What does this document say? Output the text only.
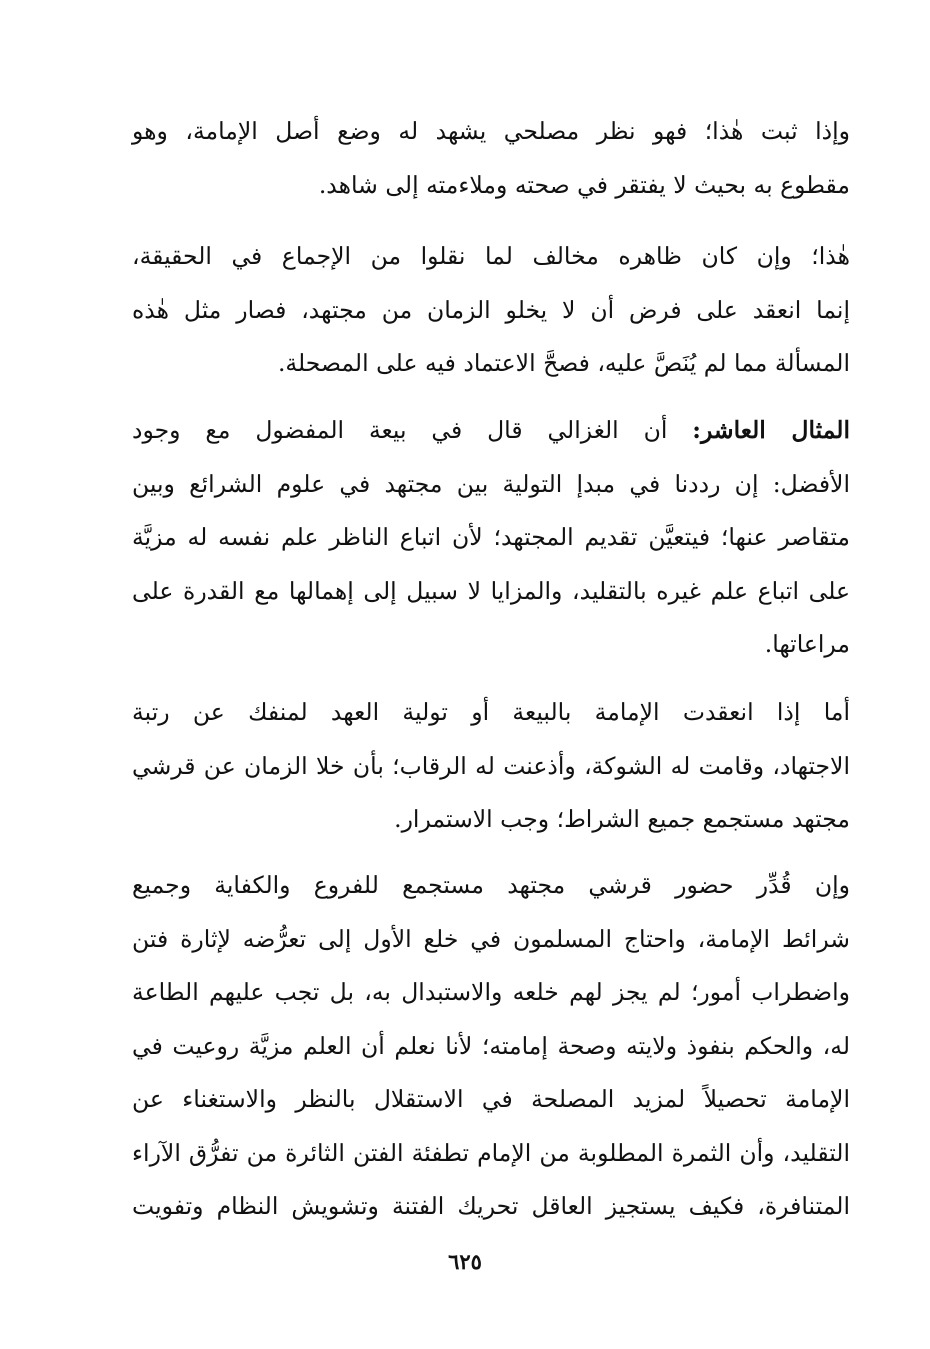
وإذا ثبت هٰذا؛ فهو نظر مصلحي يشهد له وضع أصل الإمامة، وهو
مقطوع به بحيث لا يفتقر في صحته وملاءمته إلى شاهد.
هٰذا؛ وإن كان ظاهره مخالف لما نقلوا من الإجماع في الحقيقة،
إنما انعقد على فرض أن لا يخلو الزمان من مجتهد، فصار مثل هٰذه
المسألة مما لم يُنَصَّ عليه، فصحَّ الاعتماد فيه على المصحلة.
المثال العاشر: أن الغزالي قال في بيعة المفضول مع وجود
الأفضل: إن رددنا في مبدإ التولية بين مجتهد في علوم الشرائع وبين
متقاصر عنها؛ فيتعيَّن تقديم المجتهد؛ لأن اتباع الناظر علم نفسه له مزيَّة
على اتباع علم غيره بالتقليد، والمزايا لا سبيل إلى إهمالها مع القدرة على
مراعاتها.
أما إذا انعقدت الإمامة بالبيعة أو تولية العهد لمنفك عن رتبة
الاجتهاد، وقامت له الشوكة، وأذعنت له الرقاب؛ بأن خلا الزمان عن قرشي
مجتهد مستجمع جميع الشراط؛ وجب الاستمرار.
وإن قُدِّر حضور قرشي مجتهد مستجمع للفروع والكفاية وجميع
شرائط الإمامة، واحتاج المسلمون في خلع الأول إلى تعرُّضه لإثارة فتن
واضطراب أمور؛ لم يجز لهم خلعه والاستبدال به، بل تجب عليهم الطاعة
له، والحكم بنفوذ ولايته وصحة إمامته؛ لأنا نعلم أن العلم مزيَّة روعيت في
الإمامة تحصيلاً لمزيد المصلحة في الاستقلال بالنظر والاستغناء عن
التقليد، وأن الثمرة المطلوبة من الإمام تطفئة الفتن الثائرة من تفرُّق الآراء
المتنافرة، فكيف يستجيز العاقل تحريك الفتنة وتشويش النظام وتفويت
٦٢٥
